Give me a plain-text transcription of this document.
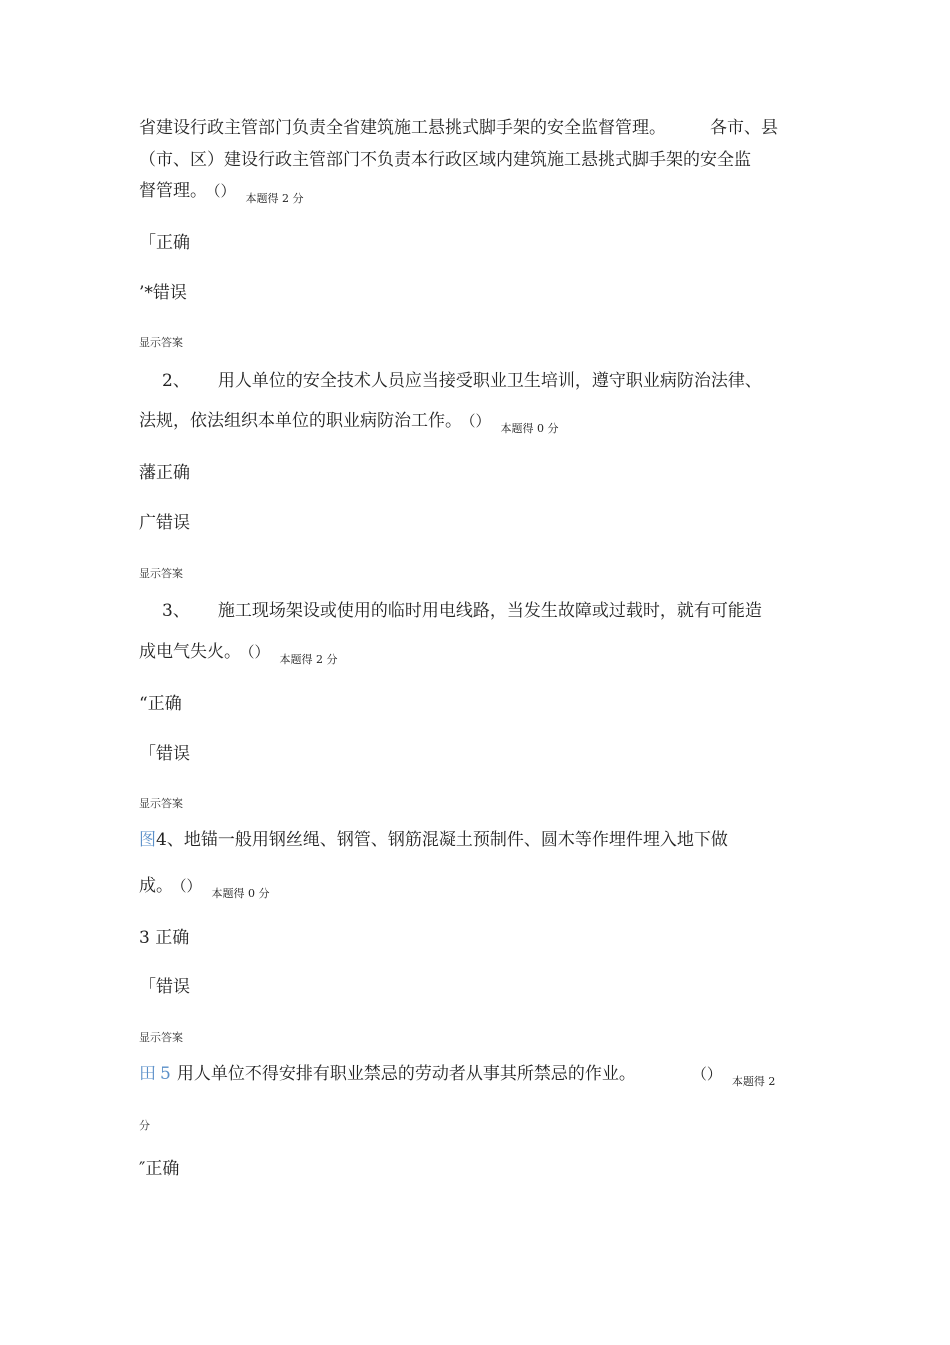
省建设行政主管部门负责全省建筑施工悬挑式脚手架的安全监督管理。	各市、县
（市、区）建设行政主管部门不负责本行政区域内建筑施工悬挑式脚手架的安全监
督管理。 （） $_{本题得 2 分}$
「正确
’*错误
显示答案
2、 用人单位的安全技术人员应当接受职业卫生培训，遵守职业病防治法律、
法规，依法组织本单位的职业病防治工作。 （） $_{本题得 0 分}$
藩正确
广错误
显示答案
3、 施工现场架设或使用的临时用电线路，当发生故障或过载时，就有可能造
成电气失火。 （） $_{本题得 2 分}$
“正确
「错误
显示答案
图4、地锚一般用钢丝绳、钢管、钢筋混凝土预制件、圆木等作埋件埋入地下做
成。 （） $_{本题得 0 分}$
3 正确
「错误
显示答案
田 5 用人单位不得安排有职业禁忌的劳动者从事其所禁忌的作业。	（） $_{本题得 2}$
分
″正确
